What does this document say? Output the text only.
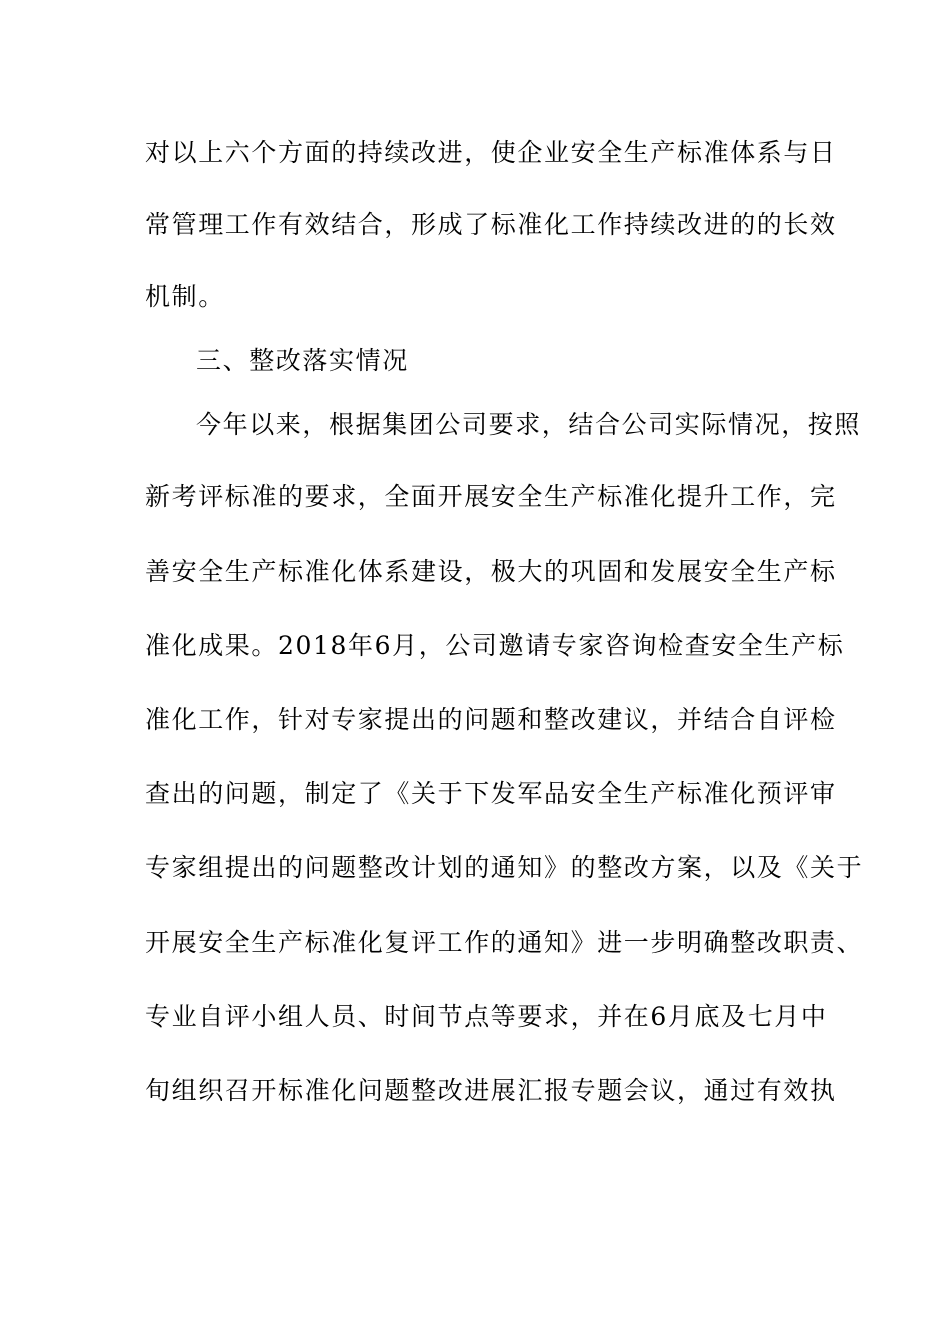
对以上六个方面的持续改进，使企业安全生产标准体系与日
常管理工作有效结合，形成了标准化工作持续改进的的长效
机制。
三、整改落实情况
今年以来，根据集团公司要求，结合公司实际情况，按照
新考评标准的要求，全面开展安全生产标准化提升工作，完
善安全生产标准化体系建设，极大的巩固和发展安全生产标
准化成果。2018年6月，公司邀请专家咨询检查安全生产标
准化工作，针对专家提出的问题和整改建议，并结合自评检
查出的问题，制定了《关于下发军品安全生产标准化预评审
专家组提出的问题整改计划的通知》的整改方案，以及《关于
开展安全生产标准化复评工作的通知》进一步明确整改职责、
专业自评小组人员、时间节点等要求，并在6月底及七月中
旬组织召开标准化问题整改进展汇报专题会议，通过有效执
